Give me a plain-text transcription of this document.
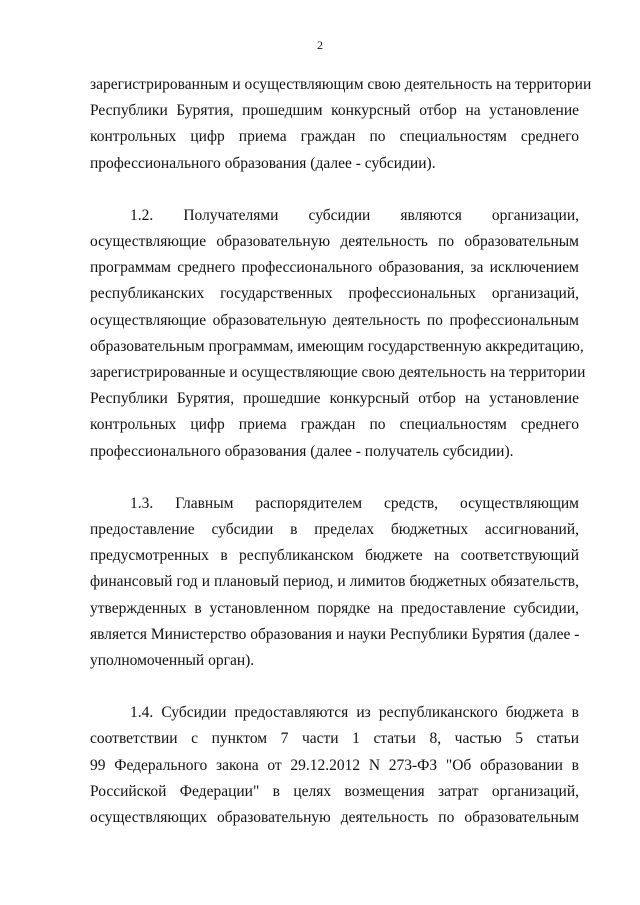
2

зарегистрированным и осуществляющим свою деятельность на территории
Республики Бурятия, прошедшим конкурсный отбор на установление
контрольных цифр приема граждан по специальностям среднего
профессионального образования (далее - субсидии).

1.2. Получателями субсидии являются организации,
осуществляющие образовательную деятельность по образовательным
программам среднего профессионального образования, за исключением
республиканских государственных профессиональных организаций,
осуществляющие образовательную деятельность по профессиональным
образовательным программам, имеющим государственную аккредитацию,
зарегистрированные и осуществляющие свою деятельность на территории
Республики Бурятия, прошедшие конкурсный отбор на установление
контрольных цифр приема граждан по специальностям среднего
профессионального образования (далее - получатель субсидии).

1.3. Главным распорядителем средств, осуществляющим
предоставление субсидии в пределах бюджетных ассигнований,
предусмотренных в республиканском бюджете на соответствующий
финансовый год и плановый период, и лимитов бюджетных обязательств,
утвержденных в установленном порядке на предоставление субсидии,
является Министерство образования и науки Республики Бурятия (далее -
уполномоченный орган).

1.4. Субсидии предоставляются из республиканского бюджета в
соответствии с пунктом 7 части 1 статьи 8, частью 5 статьи
99 Федерального закона от 29.12.2012 N 273-ФЗ "Об образовании в
Российской Федерации" в целях возмещения затрат организаций,
осуществляющих образовательную деятельность по образовательным
